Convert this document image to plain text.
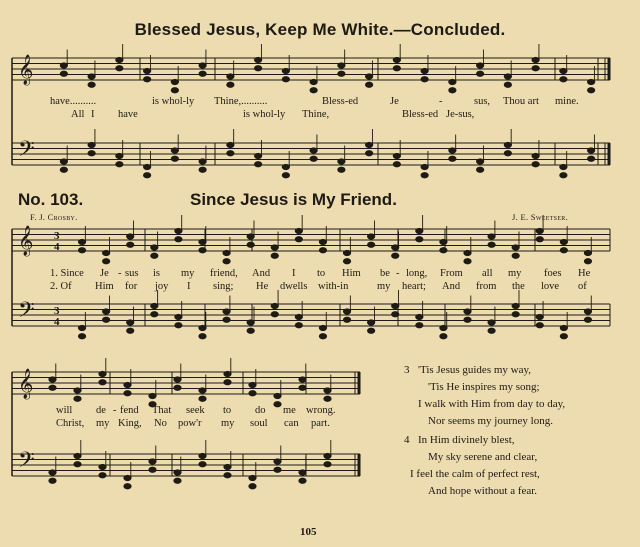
𝄞
𝄢
𝄞
𝄢
𝄞
𝄢
3
4
3
4
Blessed Jesus, Keep Me White.—Concluded.
have..........	is whol-ly Thine,..........	Bless-ed	Je	-	sus, Thou art mine.
All I have	is whol-ly Thine,	Bless-ed Je-sus,
No. 103.	Since Jesus is My Friend.
F. J. Crosby.	J. E. Sweetser.
1. Since Je - sus is my friend, And I to Him be - long, From all my foes He
2. Of Him for joy I sing; He dwells with-in	my heart; And from the love of
will de - fend That seek to do me wrong.
Christ, my King, No pow'r my soul can part.
3 'Tis Jesus guides my way,
'Tis He inspires my song;
I walk with Him from day to day,
Nor seems my journey long.
4 In Him divinely blest,
My sky serene and clear,
I feel the calm of perfect rest,
And hope without a fear.
105
